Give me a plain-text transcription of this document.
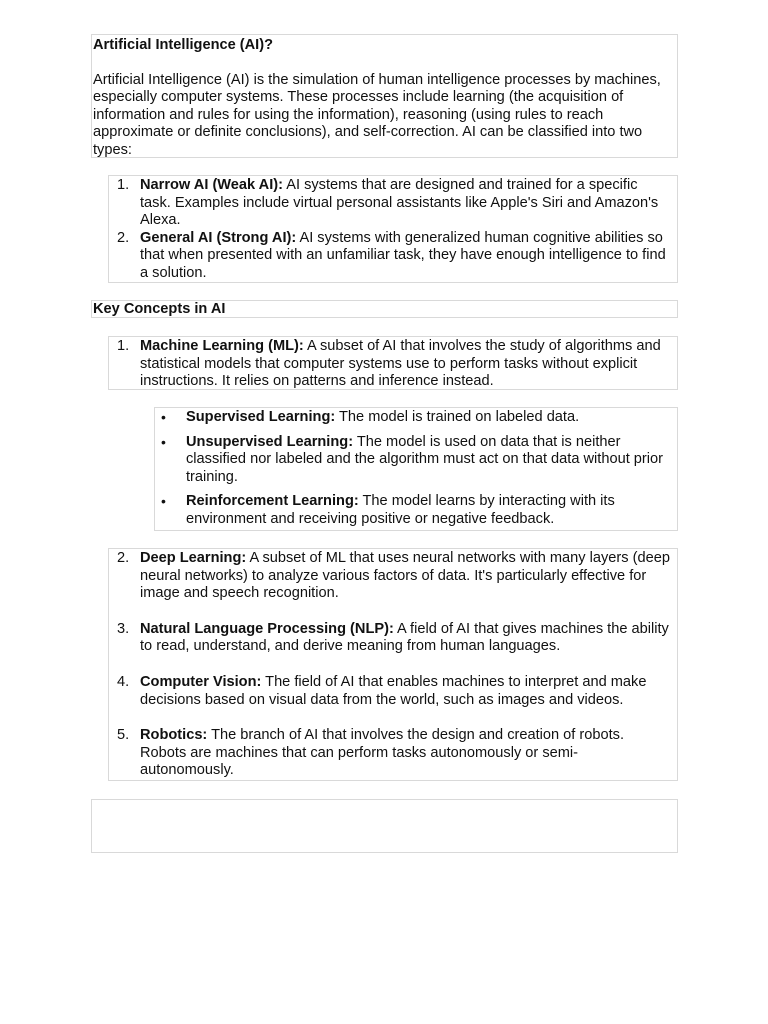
Artificial Intelligence (AI)?

Artificial Intelligence (AI) is the simulation of human intelligence processes by machines, especially computer systems. These processes include learning (the acquisition of information and rules for using the information), reasoning (using rules to reach approximate or definite conclusions), and self-correction. AI can be classified into two types:

1. Narrow AI (Weak AI): AI systems that are designed and trained for a specific task. Examples include virtual personal assistants like Apple's Siri and Amazon's Alexa.
2. General AI (Strong AI): AI systems with generalized human cognitive abilities so that when presented with an unfamiliar task, they have enough intelligence to find a solution.

Key Concepts in AI

1. Machine Learning (ML): A subset of AI that involves the study of algorithms and statistical models that computer systems use to perform tasks without explicit instructions. It relies on patterns and inference instead.
• Supervised Learning: The model is trained on labeled data.
• Unsupervised Learning: The model is used on data that is neither classified nor labeled and the algorithm must act on that data without prior training.
• Reinforcement Learning: The model learns by interacting with its environment and receiving positive or negative feedback.
2. Deep Learning: A subset of ML that uses neural networks with many layers (deep neural networks) to analyze various factors of data. It's particularly effective for image and speech recognition.
3. Natural Language Processing (NLP): A field of AI that gives machines the ability to read, understand, and derive meaning from human languages.
4. Computer Vision: The field of AI that enables machines to interpret and make decisions based on visual data from the world, such as images and videos.
5. Robotics: The branch of AI that involves the design and creation of robots. Robots are machines that can perform tasks autonomously or semi-autonomously.
